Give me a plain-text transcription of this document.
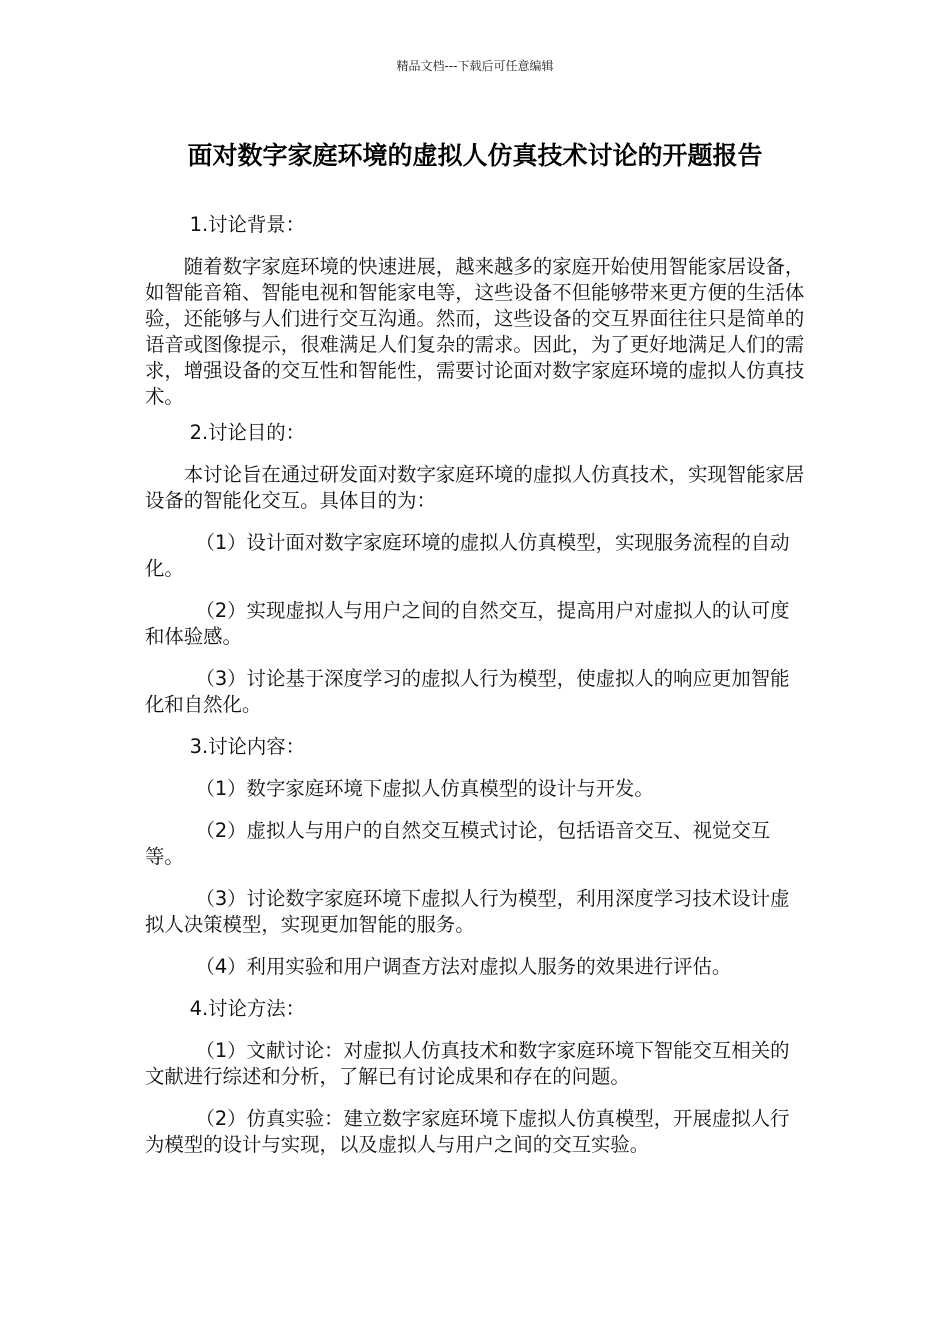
精品文档---下载后可任意编辑
面对数字家庭环境的虚拟人仿真技术讨论的开题报告

1.讨论背景：

随着数字家庭环境的快速进展，越来越多的家庭开始使用智能家居设备，如智能音箱、智能电视和智能家电等，这些设备不但能够带来更方便的生活体验，还能够与人们进行交互沟通。然而，这些设备的交互界面往往只是简单的语音或图像提示，很难满足人们复杂的需求。因此，为了更好地满足人们的需求，增强设备的交互性和智能性，需要讨论面对数字家庭环境的虚拟人仿真技术。

2.讨论目的：

本讨论旨在通过研发面对数字家庭环境的虚拟人仿真技术，实现智能家居设备的智能化交互。具体目的为：

（1）设计面对数字家庭环境的虚拟人仿真模型，实现服务流程的自动化。

（2）实现虚拟人与用户之间的自然交互，提高用户对虚拟人的认可度和体验感。

（3）讨论基于深度学习的虚拟人行为模型，使虚拟人的响应更加智能化和自然化。

3.讨论内容：

（1）数字家庭环境下虚拟人仿真模型的设计与开发。

（2）虚拟人与用户的自然交互模式讨论，包括语音交互、视觉交互等。

（3）讨论数字家庭环境下虚拟人行为模型，利用深度学习技术设计虚拟人决策模型，实现更加智能的服务。

（4）利用实验和用户调查方法对虚拟人服务的效果进行评估。

4.讨论方法：

（1）文献讨论：对虚拟人仿真技术和数字家庭环境下智能交互相关的文献进行综述和分析，了解已有讨论成果和存在的问题。

（2）仿真实验：建立数字家庭环境下虚拟人仿真模型，开展虚拟人行为模型的设计与实现，以及虚拟人与用户之间的交互实验。
